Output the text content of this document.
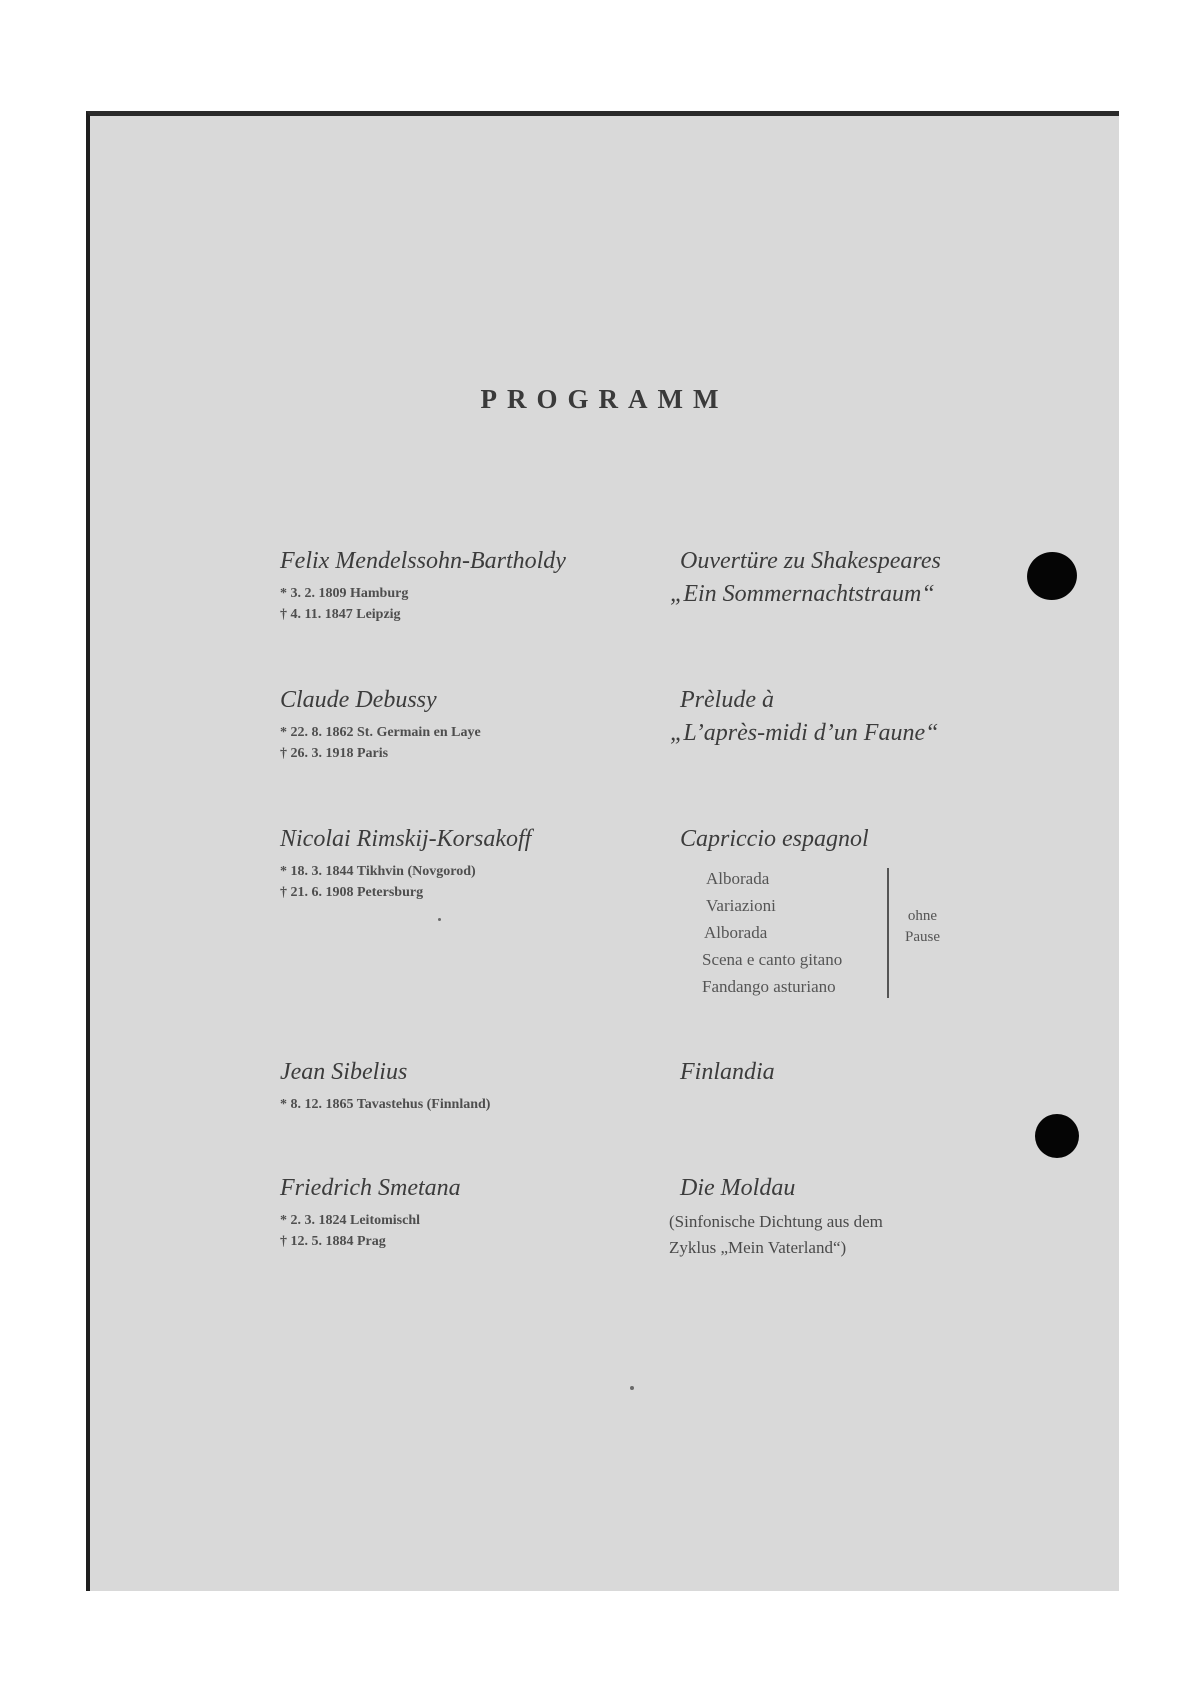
PROGRAMM
Felix Mendelssohn-Bartholdy
* 3. 2. 1809 Hamburg
† 4. 11. 1847 Leipzig
Ouvertüre zu Shakespeares
„Ein Sommernachtstraum“
Claude Debussy
* 22. 8. 1862 St. Germain en Laye
† 26. 3. 1918 Paris
Prèlude à
„L’après-midi d’un Faune“
Nicolai Rimskij-Korsakoff
* 18. 3. 1844 Tikhvin (Novgorod)
† 21. 6. 1908 Petersburg
Capriccio espagnol
Alborada
Variazioni
Alborada
Scena e canto gitano
Fandango asturiano
ohne
Pause
Jean Sibelius
* 8. 12. 1865 Tavastehus (Finnland)
Finlandia
Friedrich Smetana
* 2. 3. 1824 Leitomischl
† 12. 5. 1884 Prag
Die Moldau
(Sinfonische Dichtung aus dem
Zyklus „Mein Vaterland“)
